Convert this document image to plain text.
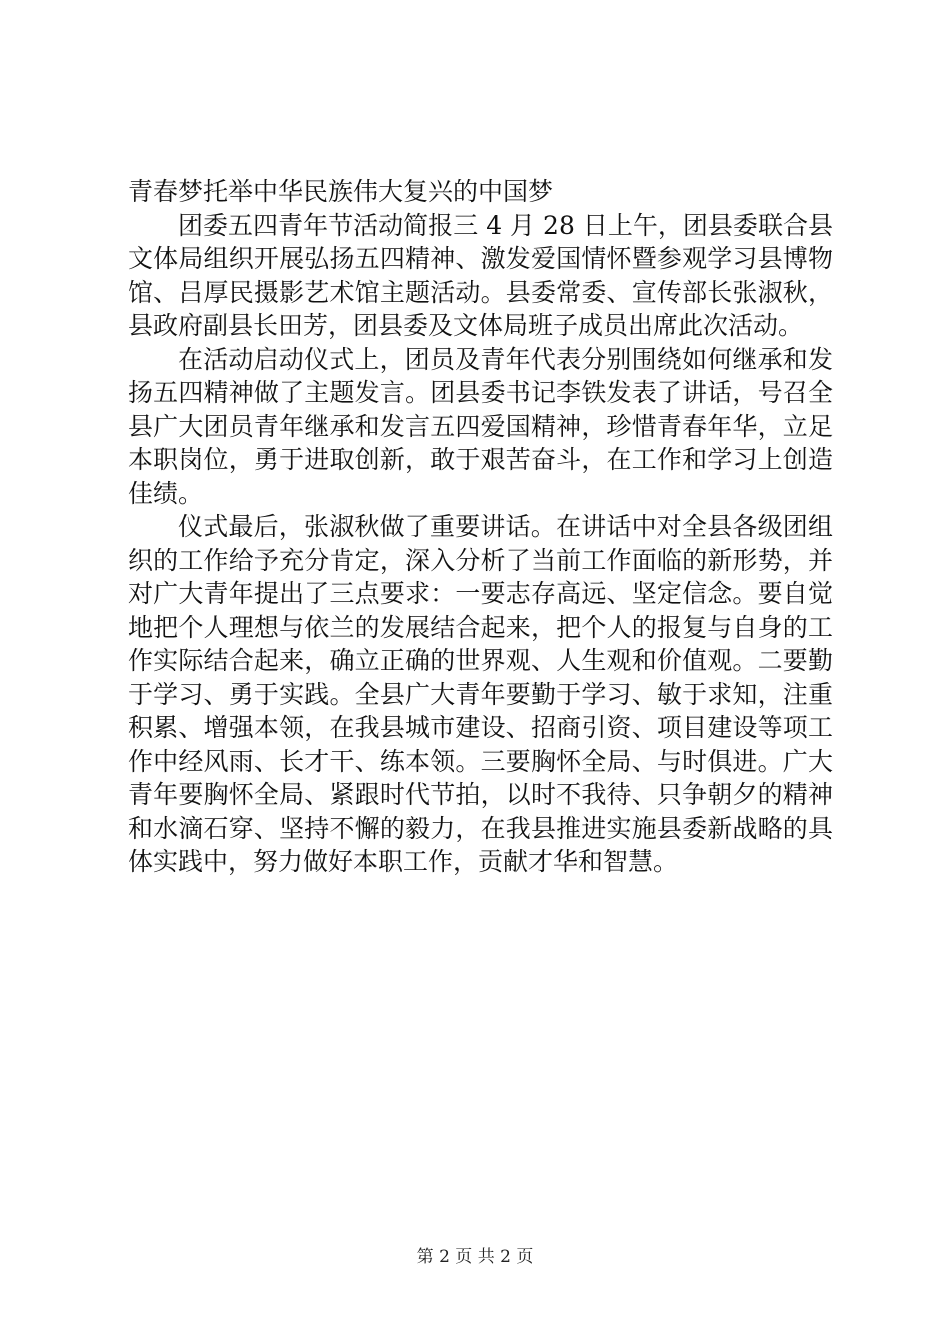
青春梦托举中华民族伟大复兴的中国梦

团委五四青年节活动简报三 4 月 28 日上午，团县委联合县文体局组织开展弘扬五四精神、激发爱国情怀暨参观学习县博物馆、吕厚民摄影艺术馆主题活动。县委常委、宣传部长张淑秋，县政府副县长田芳，团县委及文体局班子成员出席此次活动。

在活动启动仪式上，团员及青年代表分别围绕如何继承和发扬五四精神做了主题发言。团县委书记李铁发表了讲话，号召全县广大团员青年继承和发言五四爱国精神，珍惜青春年华，立足本职岗位，勇于进取创新，敢于艰苦奋斗，在工作和学习上创造佳绩。

仪式最后，张淑秋做了重要讲话。在讲话中对全县各级团组织的工作给予充分肯定，深入分析了当前工作面临的新形势，并对广大青年提出了三点要求：一要志存高远、坚定信念。要自觉地把个人理想与依兰的发展结合起来，把个人的报复与自身的工作实际结合起来，确立正确的世界观、人生观和价值观。二要勤于学习、勇于实践。全县广大青年要勤于学习、敏于求知，注重积累、增强本领，在我县城市建设、招商引资、项目建设等项工作中经风雨、长才干、练本领。三要胸怀全局、与时俱进。广大青年要胸怀全局、紧跟时代节拍，以时不我待、只争朝夕的精神和水滴石穿、坚持不懈的毅力，在我县推进实施县委新战略的具体实践中，努力做好本职工作，贡献才华和智慧。

第 2 页 共 2 页
